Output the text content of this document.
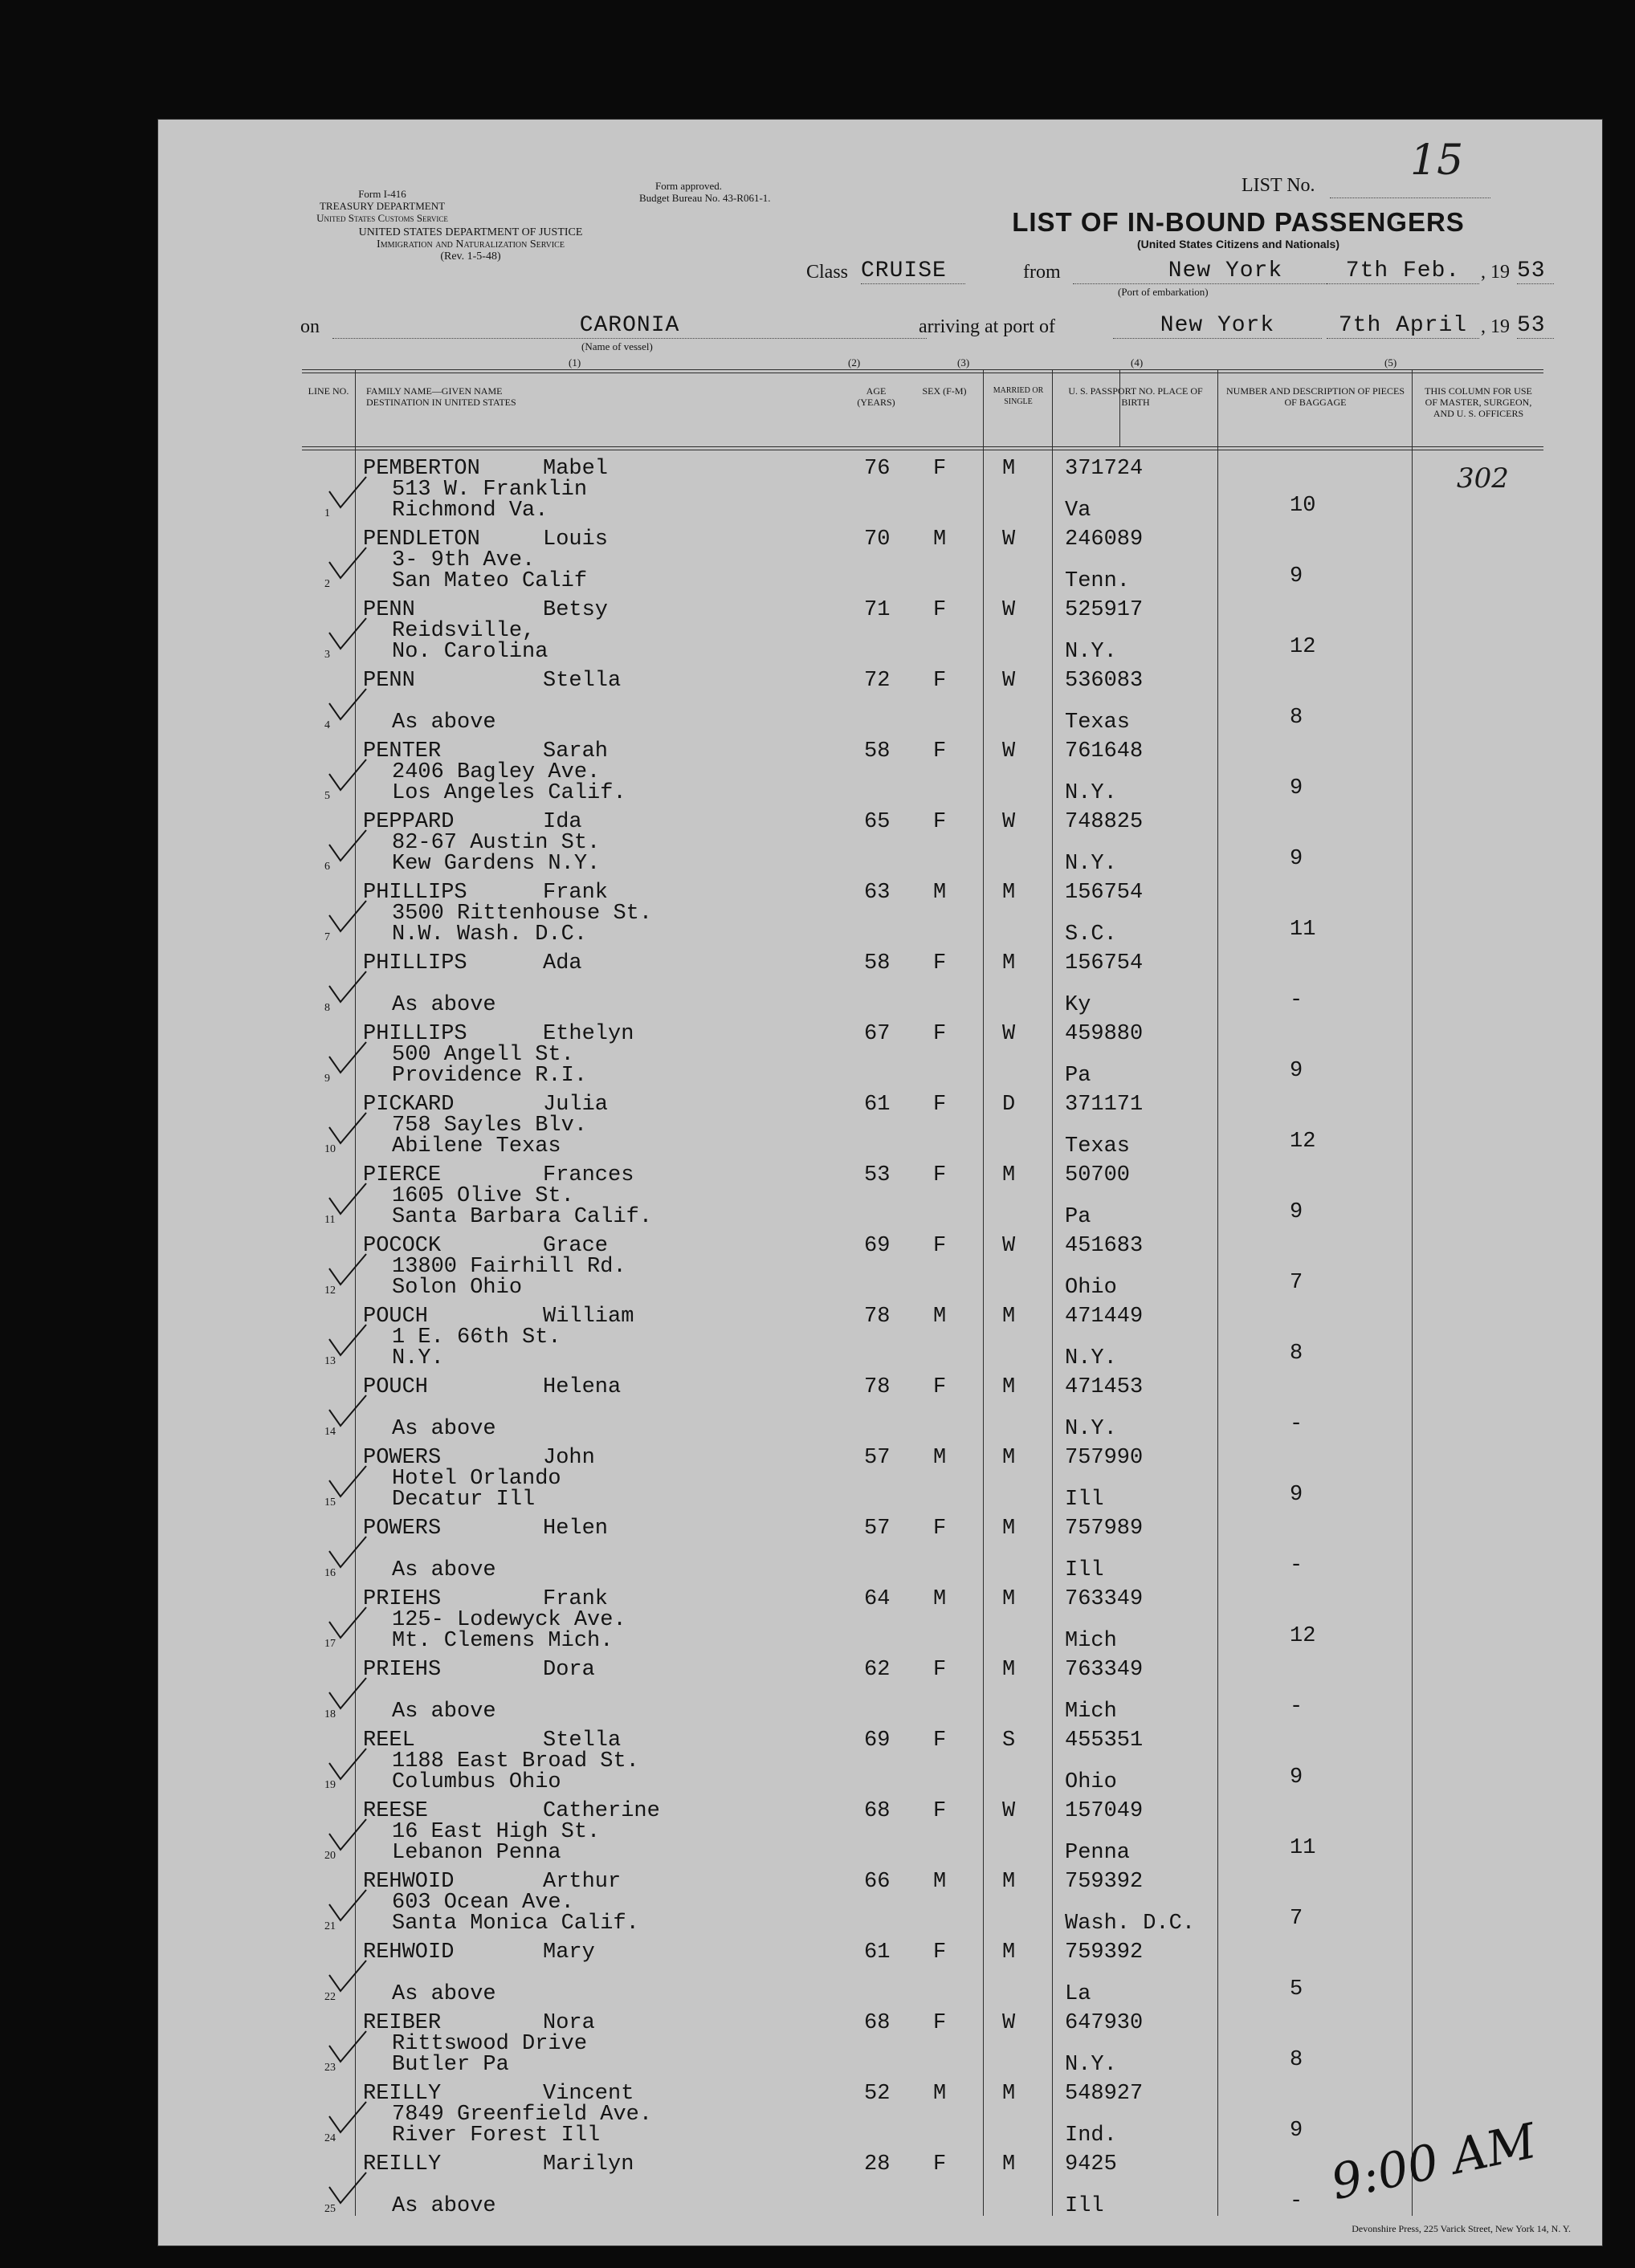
Form I-416
TREASURY DEPARTMENT
United States Customs Service
UNITED STATES DEPARTMENT OF JUSTICE
Immigration and Naturalization Service
(Rev. 1-5-48)
Form approved.
Budget Bureau No. 43-R061-1.
LIST No.
15
LIST OF IN-BOUND PASSENGERS
(United States Citizens and Nationals)
Class CRUISE	from	New York
(Port of embarkation)
7th Feb.	, 19 53
on	CARONIA
(Name of vessel)
(1)
arriving at port of	New York	7th April , 19 53
(2)	(3)	(4)	(5)
LINE NO.	FAMILY NAME—GIVEN NAME DESTINATION IN UNITED STATES
AGE (YEARS)
SEX (F-M)	MARRIED OR SINGLE
U. S. PASSPORT NO. PLACE OF BIRTH
NUMBER AND DESCRIPTION OF PIECES OF BAGGAGE
THIS COLUMN FOR USE OF MASTER, SURGEON, AND U. S. OFFICERS
1
PEMBERTON	Mabel
513 W. Franklin
Richmond Va.
76 F	M 371724
Va	10
2
PENDLETON	Louis
3- 9th Ave.
San Mateo Calif
70 M	W 246089
Tenn.	9
3
PENN	Betsy
Reidsville,
No. Carolina
71 F	W 525917
N.Y.	12
4
PENN	Stella
As above
72 F	W 536083
Texas	8
5
PENTER	Sarah
2406 Bagley Ave.
Los Angeles Calif.
58 F	W 761648
N.Y.	9
6
PEPPARD	Ida
82-67 Austin St.
Kew Gardens N.Y.
65 F	W 748825
N.Y.	9
7
PHILLIPS	Frank
3500 Rittenhouse St.
N.W. Wash. D.C.
63 M	M 156754
S.C.	11
8
PHILLIPS	Ada
As above
58 F	M 156754
Ky	-
9
PHILLIPS	Ethelyn
500 Angell St.
Providence R.I.
67 F	W 459880
Pa	9
10
PICKARD	Julia
758 Sayles Blv.
Abilene Texas
61 F	D 371171
Texas	12
11
PIERCE	Frances
1605 Olive St.
Santa Barbara Calif.
53 F	M 50700
Pa	9
12
POCOCK	Grace
13800 Fairhill Rd.
Solon Ohio
69 F	W 451683
Ohio	7
13
POUCH	William
1 E. 66th St.
N.Y.
78 M	M 471449
N.Y.	8
14
POUCH	Helena
As above
78 F	M 471453
N.Y.	-
15
POWERS	John
Hotel Orlando
Decatur Ill
57 M	M 757990
Ill	9
16
POWERS	Helen
As above
57 F	M 757989
Ill	-
17
PRIEHS	Frank
125- Lodewyck Ave.
Mt. Clemens Mich.
64 M	M 763349
Mich	12
18
PRIEHS	Dora
As above
62 F	M 763349
Mich	-
19
REEL	Stella
1188 East Broad St.
Columbus Ohio
69 F	S 455351
Ohio	9
20
REESE	Catherine
16 East High St.
Lebanon Penna
68 F	W 157049
Penna	11
21
REHWOID	Arthur
603 Ocean Ave.
Santa Monica Calif.
66 M	M 759392
Wash. D.C.	7
22
REHWOID	Mary
As above
61 F	M 759392
La	5
23
REIBER	Nora
Rittswood Drive
Butler Pa
68 F	W 647930
N.Y.	8
24
REILLY	Vincent
7849 Greenfield Ave.
River Forest Ill
52 M	M 548927
Ind.	9
25
REILLY	Marilyn
As above
28 F	M 9425
Ill	-
302
9:00 AM
Devonshire Press, 225 Varick Street, New York 14, N. Y.
